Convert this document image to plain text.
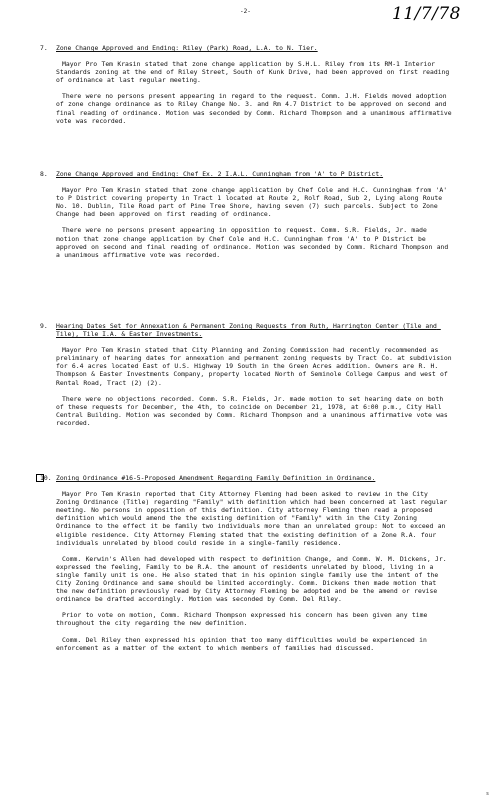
-2-	11/7/78
7. Zone Change Approved and Ending: Riley (Park) Road, L.A. to N. Tier.

Mayor Pro Tem Krasin stated that zone change application by S.H.L. Riley from its RM-1 Interior Standards zoning at the end of Riley Street, South of Kunk Drive, had been approved on first reading of ordinance at last regular meeting.

There were no persons present appearing in regard to the request. Comm. J.H. Fields moved adoption of zone change ordinance as to Riley Change No. 3. and Rm 4.7 District to be approved on second and final reading of ordinance. Motion was seconded by Comm. Richard Thompson and a unanimous affirmative vote was recorded.

8. Zone Change Approved and Ending: Chef Ex. 2 I.A.L. Cunningham from 'A' to P District.

Mayor Pro Tem Krasin stated that zone change application by Chef Cole and H.C. Cunningham from 'A' to P District covering property in Tract 1 located at Route 2, Rolf Road, Sub 2, Lying along Route No. 10. Dublin, Tile Road part of Pine Tree Shore, having seven (7) such parcels. Subject to Zone Change had been approved on first reading of ordinance.

There were no persons present appearing in opposition to request. Comm. S.R. Fields, Jr. made motion that zone change application by Chef Cole and H.C. Cunningham from 'A' to P District be approved on second and final reading of ordinance. Motion was seconded by Comm. Richard Thompson and a unanimous affirmative vote was recorded.

9. Hearing Dates Set for Annexation & Permanent Zoning Requests from Ruth, Harrington Center (Tile and Tile), Tile I.A. & Easter Investments.

Mayor Pro Tem Krasin stated that City Planning and Zoning Commission had recently recommended as preliminary of hearing dates for annexation and permanent zoning requests by Tract Co. at subdivision for 6.4 acres located East of U.S. Highway 19 South in the Green Acres addition. Owners are R. H. Thompson & Easter Investments Company, property located North of Seminole College Campus and west of Rental Road, Tract (2) (2).

There were no objections recorded. Comm. S.R. Fields, Jr. made motion to set hearing date on both of these requests for December, the 4th, to coincide on December 21, 1978, at 6:00 p.m., City Hall Central Building. Motion was seconded by Comm. Richard Thompson and a unanimous affirmative vote was recorded.

10. Zoning Ordinance #16-5-Proposed Amendment Regarding Family Definition in Ordinance.

Mayor Pro Tem Krasin reported that City Attorney Fleming had been asked to review in the City Zoning Ordinance (Title) regarding "Family" with definition which had been concerned at last regular meeting. No persons in opposition of this definition. City attorney Fleming then read a proposed definition which would amend the the existing definition of "Family" with in the City Zoning Ordinance to the effect it be family two individuals more than an unrelated group: Not to exceed an eligible residence. City Attorney Fleming stated that the existing definition of a Zone R.A. four individuals unrelated by blood could reside in a single-family residence.

Comm. Kerwin's Allen had developed with respect to definition Change, and Comm. W. M. Dickens, Jr. expressed the feeling, Family to be R.A. the amount of residents unrelated by blood, living in a single family unit is one. He also stated that in his opinion single family use the intent of the City Zoning Ordinance and same should be limited accordingly. Comm. Dickens then made motion that the new definition previously read by City Attorney Fleming be adopted and be the amend or revise ordinance be drafted accordingly. Motion was seconded by Comm. Del Riley.

Prior to vote on motion, Comm. Richard Thompson expressed his concern has been given any time throughout the city regarding the new definition.

Comm. Del Riley then expressed his opinion that too many difficulties would be experienced in enforcement as a matter of the extent to which members of families had discussed.

s
